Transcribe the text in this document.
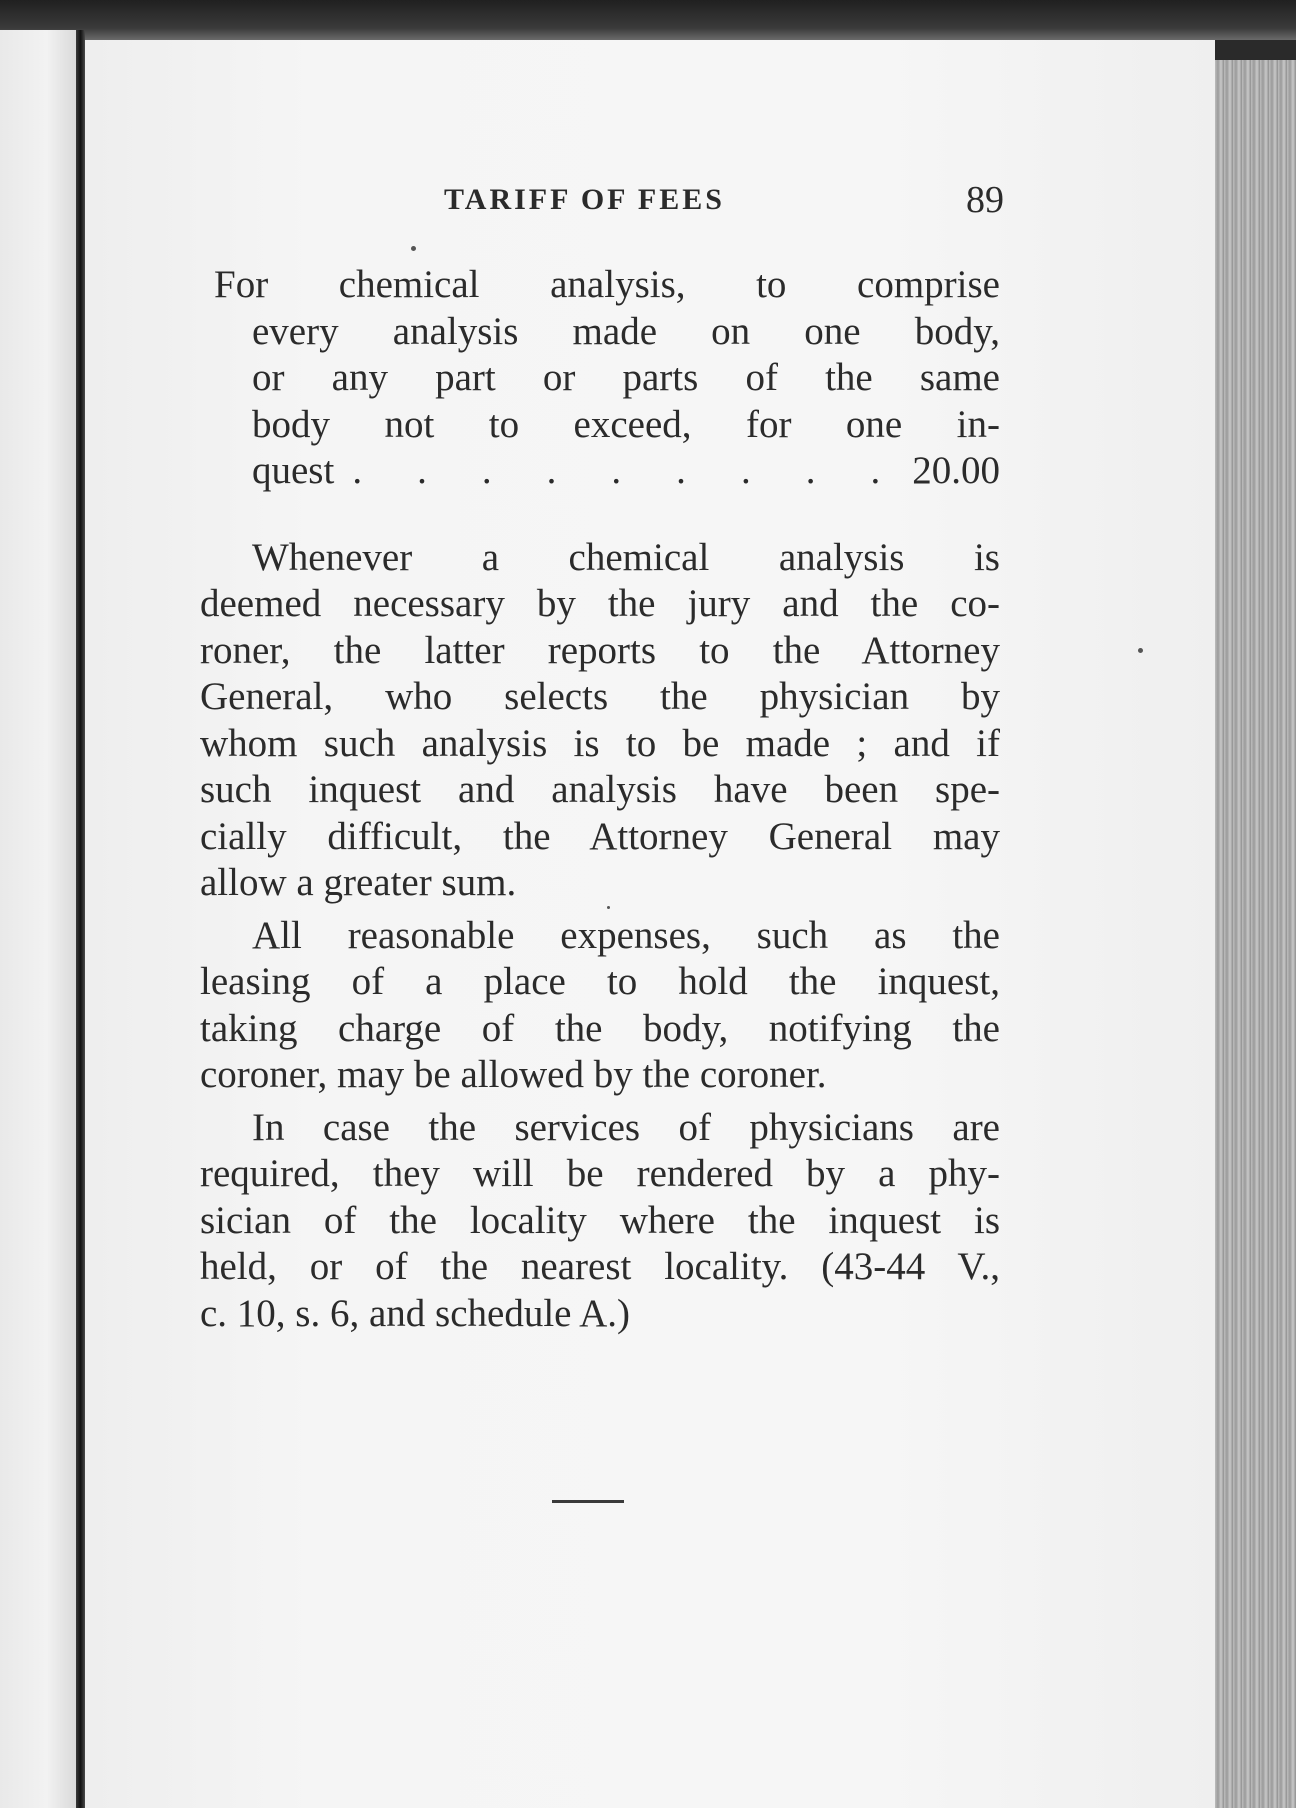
TARIFF OF FEES	89
For chemical analysis, to comprise
every analysis made on one body,
or any part or parts of the same
body not to exceed, for one in-
quest . . . . . . . . . 20.00
Whenever a chemical analysis is
deemed necessary by the jury and the co-
roner, the latter reports to the Attorney
General, who selects the physician by
whom such analysis is to be made ; and if
such inquest and analysis have been spe-
cially difficult, the Attorney General may
allow a greater sum.
All reasonable expenses, such as the
leasing of a place to hold the inquest,
taking charge of the body, notifying the
coroner, may be allowed by the coroner.
In case the services of physicians are
required, they will be rendered by a phy-
sician of the locality where the inquest is
held, or of the nearest locality. (43-44 V.,
c. 10, s. 6, and schedule A.)
